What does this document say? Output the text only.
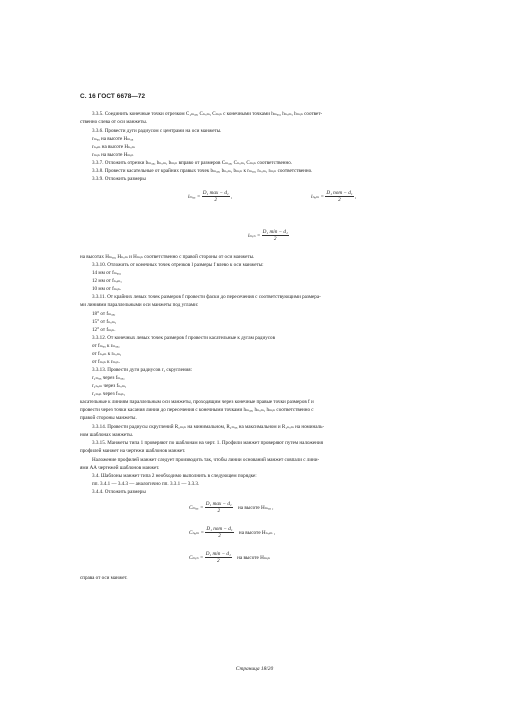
С. 16 ГОСТ 6678—72
3.3.5. Соединить конечные точки отрезком C₁ₘₐₓ, Cₙₒₘ, Cₘᵢₙ с конечными точками hₘₐₓ, hₙₒₘ, hₘᵢₙ соответ-
ственно слева от оси манжеты.
3.3.6. Провести дуги радиусом с центрами на оси манжеты.
rₘₐₓ на высоте Hₘₐₓ
rₙₒₘ на высоте Hₙₒₘ
rₘᵢₙ на высоте Hₘᵢₙ
3.3.7. Отложить отрезки bₘₐₓ, bₙₒₘ, bₘᵢₙ вправо от размеров Cₘₐₓ, Cₙₒₘ, Cₘᵢₙ соответственно.
3.3.8. Провести касательные от крайних правых точек bₘₐₓ, bₙₒₘ, bₘᵢₙ к rₘₐₓ, rₙₒₘ, rₘᵢₙ соответственно.
3.3.9. Отложить размеры
$l_{max} = \frac{\text{D₁ max − d₁}}{2}$ ,	$l_{nom} = \frac{\text{D₁ nom − d₁}}{2}$ ,
lₘᵢₙ = $\frac{\text{D₁ min − d₁}}{2}$

на высотах Hₘₐₓ, Hₙₒₘ и Hₘᵢₙ соответственно с правой стороны от оси манжеты.
3.3.10. Отложить от конечных точек отрезков l размеры f влево к оси манжеты:
14 мм от fₘₐₓ,
12 мм от fₙₒₘ,
10 мм от fₘᵢₙ.
3.3.11. От крайних левых точек размеров f провести фаски до пересечения с соответствующими размера-
ми линиями параллельными оси манжеты под углами:
18° от fₘₐₓ,
15° от fₙₒₘ,
12° от fₘᵢₙ.
3.3.12. От конечных левых точек размеров f провести касательные к дугам радиусов
от fₘₐₓ к rₘₐₓ,
от fₙₒₘ к rₙₒₘ,
от fₘᵢₙ к rₘᵢₙ.
3.3.13. Провести дуги радиусов r₁ скругления:
r₁ₘₐₓ через fₘₐₓ,
r₁ₙₒₘ через fₙₒₘ,
r₁ₘᵢₙ через fₘᵢₙ,
касательные к линиям параллельным оси манжеты, проходящим через конечные правые точки размеров f и
провести через точки касания линии до пересечения с конечными точками hₘₐₓ, hₙₒₘ, hₘᵢₙ соответственно с
правой стороны манжеты.
3.3.14. Провести радиусы скруглений R₁ₘᵢₙ на минимальном, R₁ₘₐₓ на максимальном и R₁ₙₒₘ на номиналь-
ном шаблонах манжеты.
3.3.15. Манжеты типа 1 проверяют по шаблонам на черт. 1. Профили манжет проверяют путем наложения
профилей манжет на чертежи шаблонов манжет.
Наложение профилей манжет следует производить так, чтобы линии оснований манжет совпали с лини-
ями АА чертежей шаблонов манжет.
3.4. Шаблоны манжет типа 2 необходимо выполнить в следующем порядке:
пп. 3.4.1 — 3.4.3 — аналогично пп. 3.3.1 — 3.3.3.
3.4.4. Отложить размеры
$C_{max} = \frac{\text{D₁ max − d₁}}{2}$ на высоте Hₘₐₓ ,
$C_{nom} = \frac{\text{D₁ nom − d₁}}{2}$ на высоте Hₙₒₘ ,
Cₘᵢₙ = $\frac{\text{D₁ min − d₁}}{2}$ на высоте Hₘᵢₙ
справа от оси манжет.
Страница 18/20
